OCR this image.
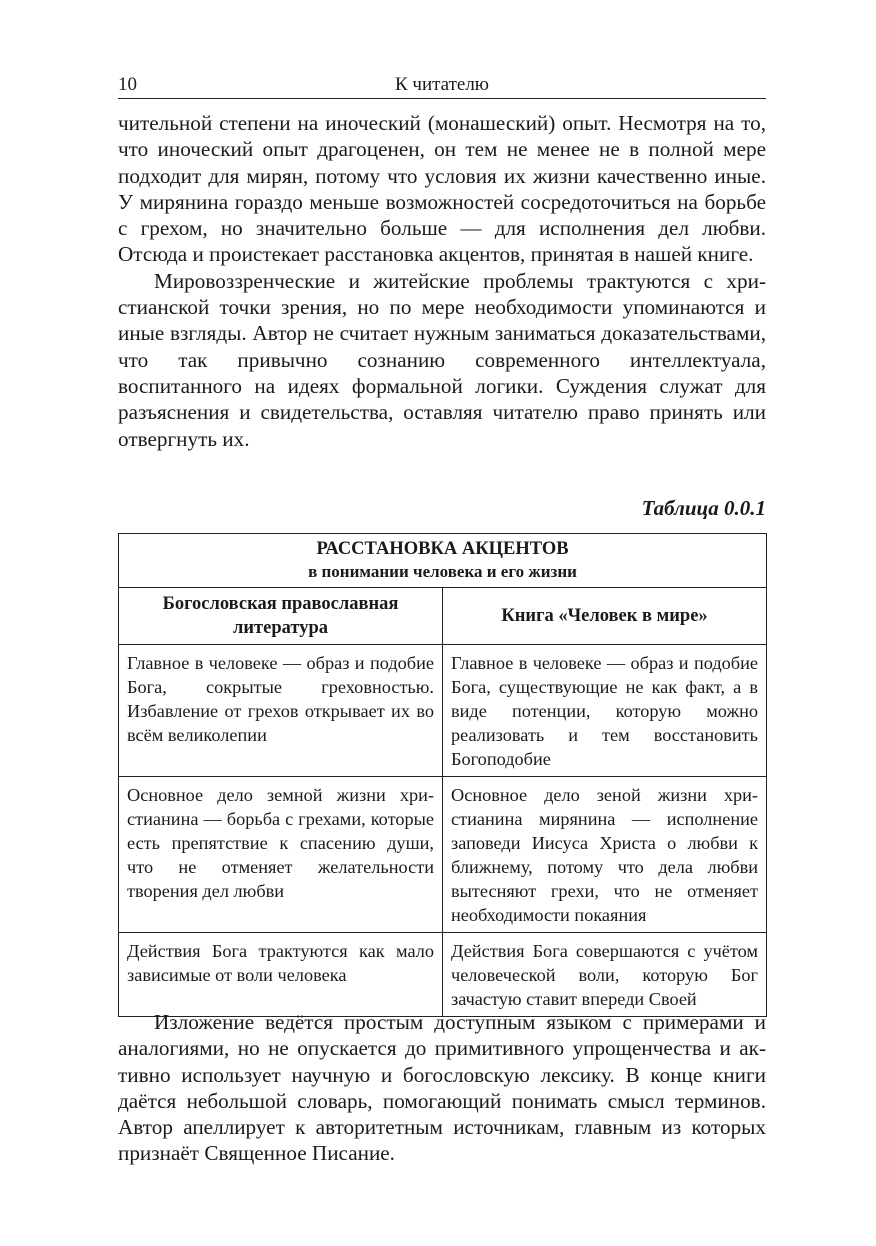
10	К читателю

чительной степени на иноческий (монашеский) опыт. Несмотря на то, что иноческий опыт драгоценен, он тем не менее не в полной мере подходит для мирян, потому что условия их жизни качественно иные. У мирянина гораздо меньше возможностей сосредоточиться на борьбе с грехом, но значительно больше — для исполнения дел любви. Отсюда и проистекает расстановка акцентов, принятая в нашей книге.

Мировоззренческие и житейские проблемы трактуются с христианской точки зрения, но по мере необходимости упоминаются и иные взгляды. Автор не считает нужным заниматься доказательствами, что так привычно сознанию современного интеллектуала, воспитанного на идеях формальной логики. Суждения служат для разъяснения и свидетельства, оставляя читателю право принять или отвергнуть их.

Таблица 0.0.1
РАССТАНОВКА АКЦЕНТОВ
в понимании человека и его жизни	

Богословская православная литература	Книга «Человек в мире»
Главное в человеке — образ и подобие Бога, сокрытые греховностью. Избавление от грехов открывает их во всём великолепии	Главное в человеке — образ и подобие Бога, существующие не как факт, а в виде потенции, которую можно реализовать и тем восстановить Богоподобие
Основное дело земной жизни христианина — борьба с грехами, которые есть препятствие к спасению души, что не отменяет желательности творения дел любви	Основное дело зеной жизни христианина мирянина — исполнение заповеди Иисуса Христа о любви к ближнему, потому что дела любви вытесняют грехи, что не отменяет необходимости покаяния
Действия Бога трактуются как мало зависимые от воли человека	Действия Бога совершаются с учётом человеческой воли, которую Бог зачастую ставит впереди Своей

Изложение ведётся простым доступным языком с примерами и аналогиями, но не опускается до примитивного упрощенчества и активно использует научную и богословскую лексику. В конце книги даётся небольшой словарь, помогающий понимать смысл терминов. Автор апеллирует к авторитетным источникам, главным из которых признаёт Священное Писание.
